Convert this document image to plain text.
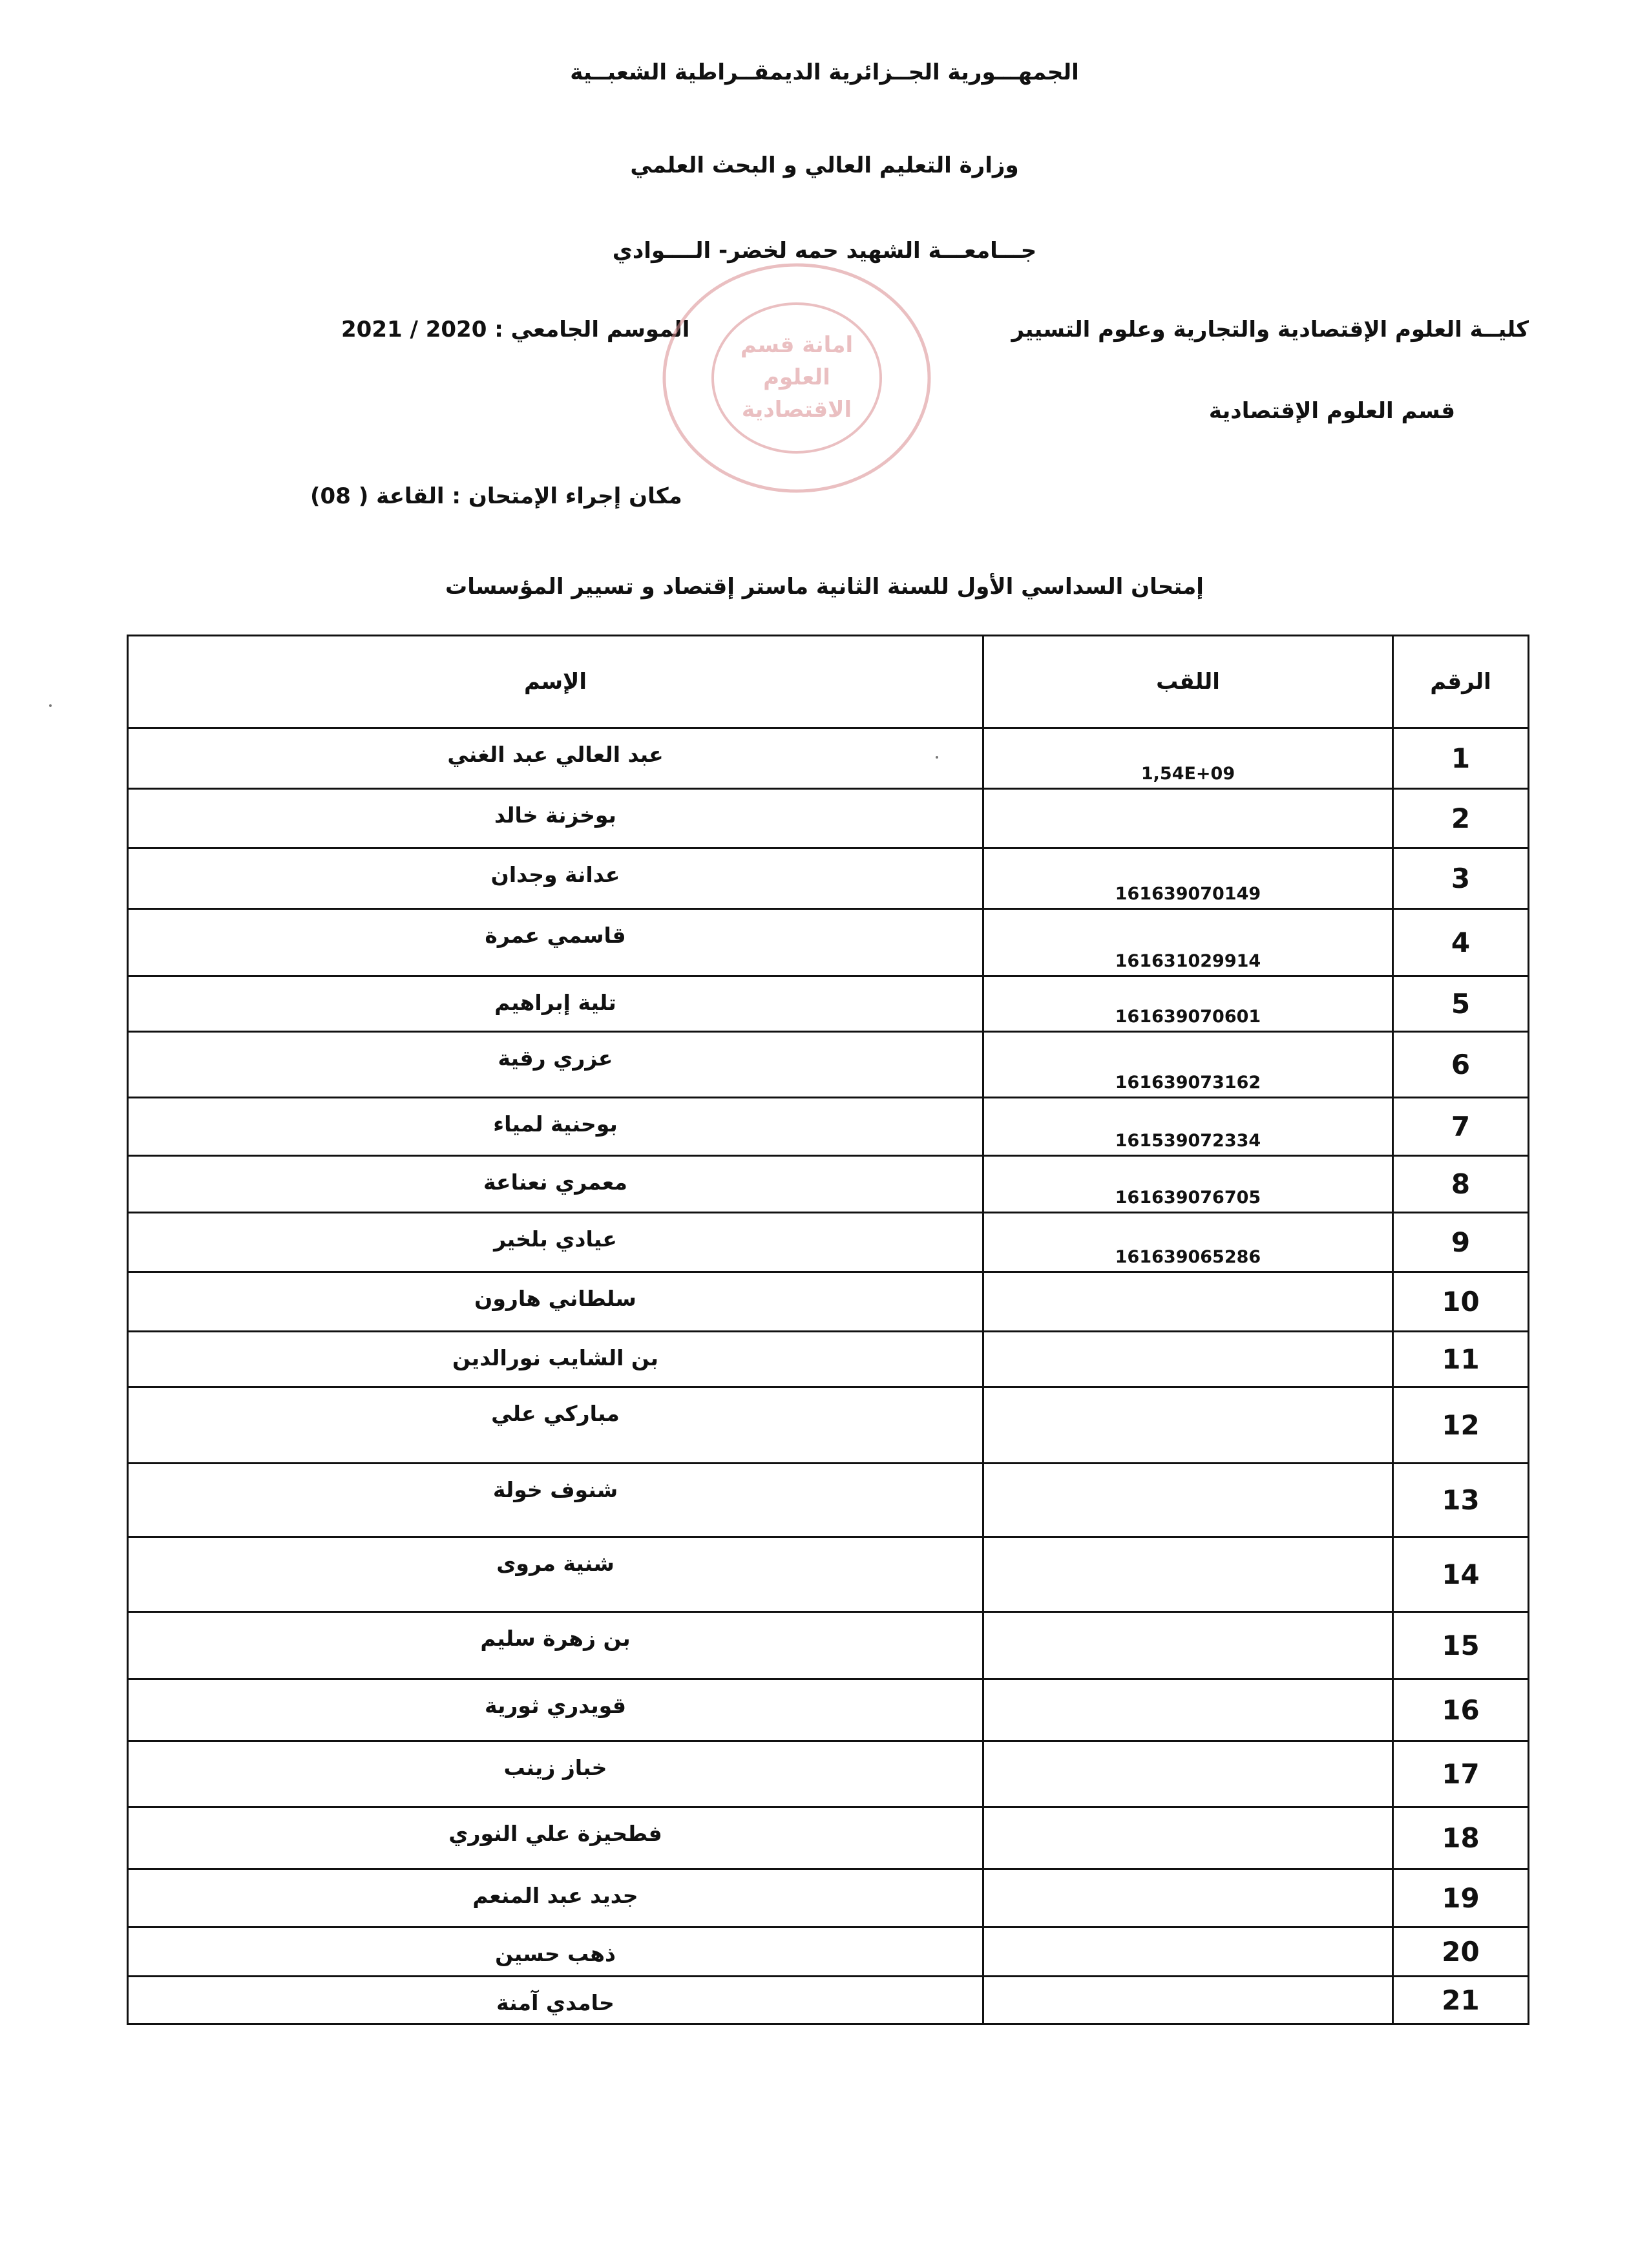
الجمهـــورية الجــزائرية الديمقــراطية الشعبــية
وزارة التعليم العالي و البحث العلمي
جـــامعـــة الشهيد حمه لخضر- الــــوادي
كليــة العلوم الإقتصادية والتجارية وعلوم التسيير
الموسم الجامعي : 2020 / 2021
قسم العلوم الإقتصادية
مكان إجراء الإمتحان : القاعة ( 08)
إمتحان السداسي الأول للسنة الثانية ماستر إقتصاد و تسيير المؤسسات
امانة قسم
العلوم
الاقتصادية
الرقم	اللقب	الإسم
1	1,54E+09	عبد العالي عبد الغني
2		بوخزنة خالد
3	161639070149	عدانة وجدان
4	161631029914	قاسمي عمرة
5	161639070601	تلية إبراهيم
6	161639073162	عزري رقية
7	161539072334	بوحنية لمياء
8	161639076705	معمري نعناعة
9	161639065286	عيادي بلخير
10		سلطاني هارون
11		بن الشايب نورالدين
12		مباركي علي
13		شنوف خولة
14		شنية مروى
15		بن زهرة سليم
16		قويدري ثورية
17		خباز زينب
18		فطحيزة علي النوري
19		جديد عبد المنعم
20		ذهب حسين
21		حامدي آمنة
